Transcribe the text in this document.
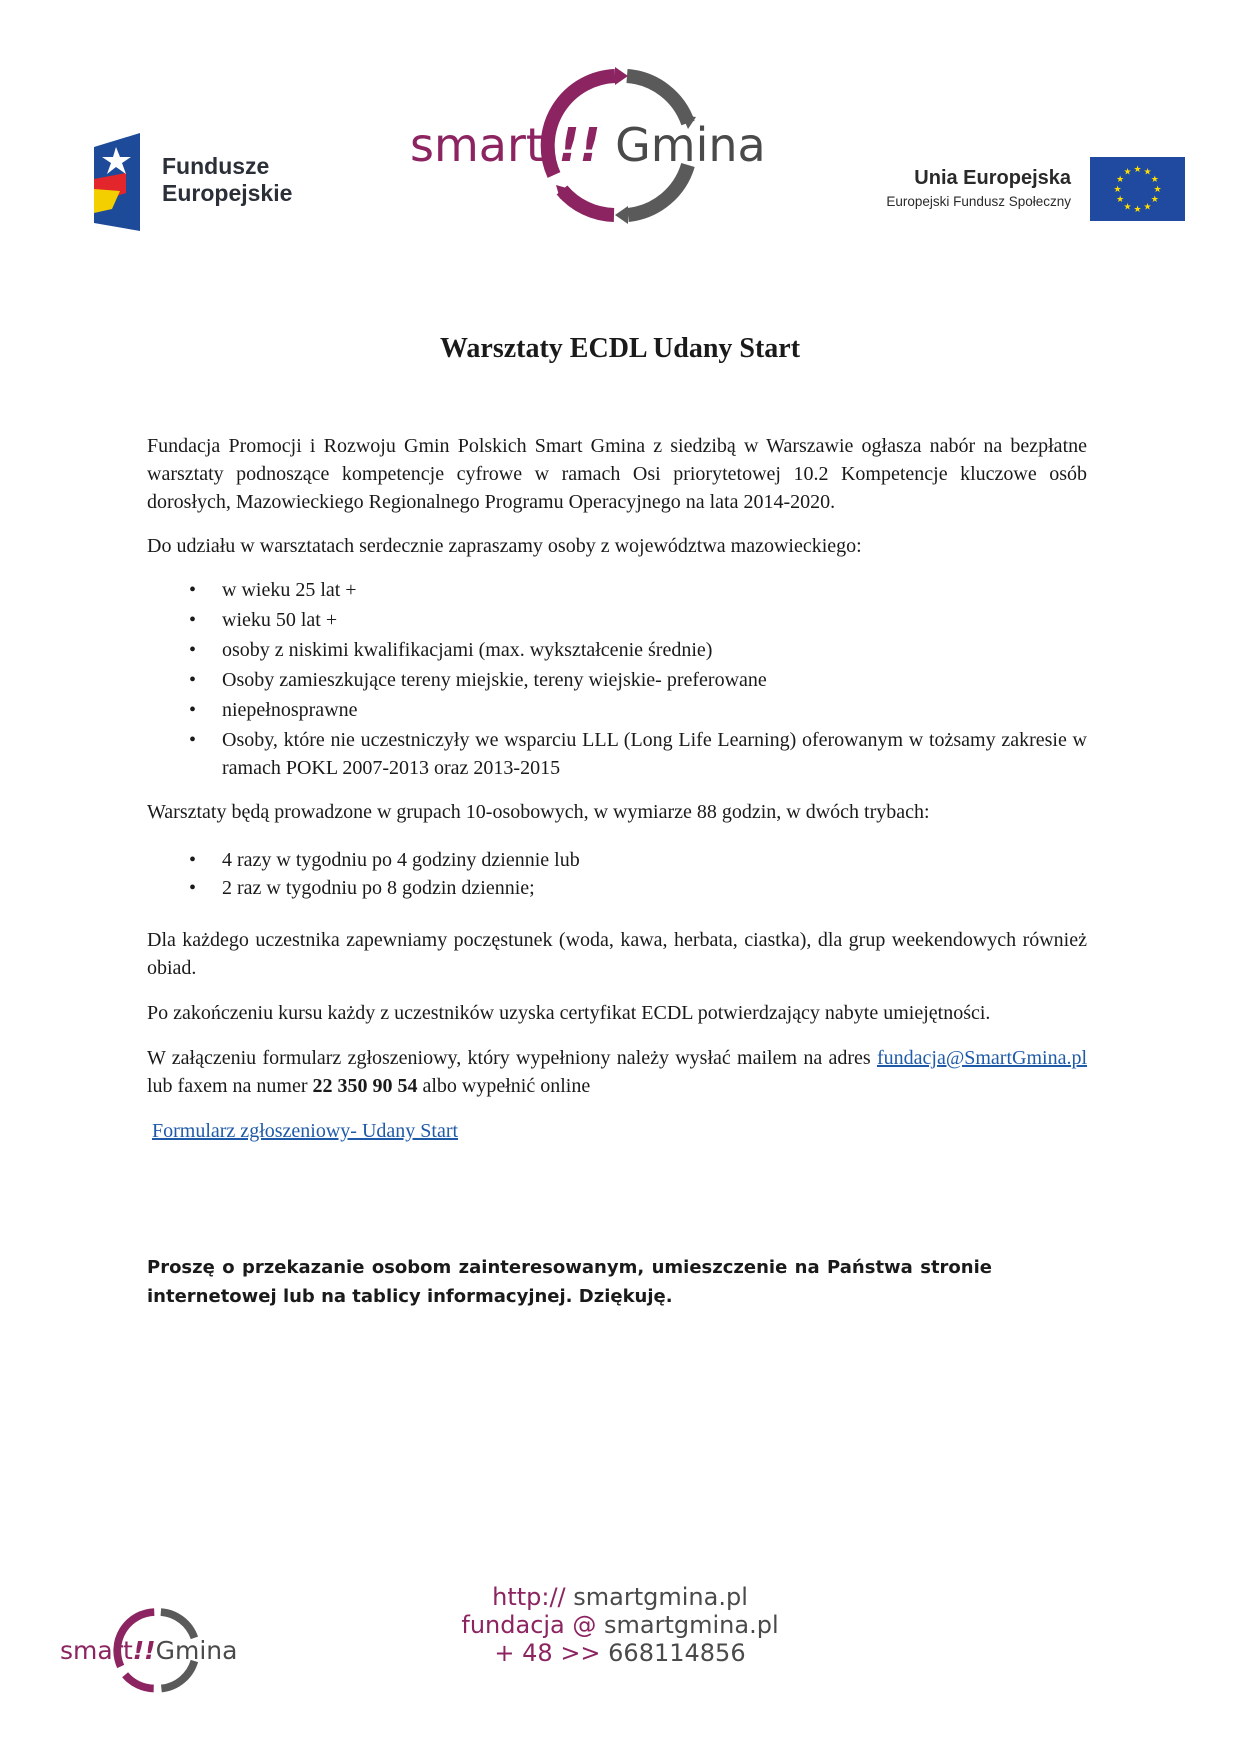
Fundusze
Europejskie
smart !! Gmina
Unia Europejska
Europejski Fundusz Społeczny
★
★
★
★
★
★
★
★
★ ★ ★
★
Warsztaty ECDL Udany Start

Fundacja Promocji i Rozwoju Gmin Polskich Smart Gmina z siedzibą w Warszawie ogłasza nabór na bezpłatne warsztaty podnoszące kompetencje cyfrowe w ramach Osi priorytetowej 10.2 Kompetencje kluczowe osób dorosłych, Mazowieckiego Regionalnego Programu Operacyjnego na lata 2014-2020.

Do udziału w warsztatach serdecznie zapraszamy osoby z województwa mazowieckiego:

• w wieku 25 lat +
• wieku 50 lat +
• osoby z niskimi kwalifikacjami (max. wykształcenie średnie)
• Osoby zamieszkujące tereny miejskie, tereny wiejskie- preferowane
• niepełnosprawne
• Osoby, które nie uczestniczyły we wsparciu LLL (Long Life Learning) oferowanym w tożsamy zakresie w ramach POKL 2007-2013 oraz 2013-2015

Warsztaty będą prowadzone w grupach 10-osobowych, w wymiarze 88 godzin, w dwóch trybach:

• 4 razy w tygodniu po 4 godziny dziennie lub
• 2 raz w tygodniu po 8 godzin dziennie;

Dla każdego uczestnika zapewniamy poczęstunek (woda, kawa, herbata, ciastka), dla grup weekendowych również obiad.

Po zakończeniu kursu każdy z uczestników uzyska certyfikat ECDL potwierdzający nabyte umiejętności.

W załączeniu formularz zgłoszeniowy, który wypełniony należy wysłać mailem na adres fundacja@SmartGmina.pl lub faxem na numer 22 350 90 54 albo wypełnić online

Formularz zgłoszeniowy- Udany Start

Proszę o przekazanie osobom zainteresowanym, umieszczenie na Państwa stronie
internetowej lub na tablicy informacyjnej. Dziękuję.
smart!!Gmina
http:// smartgmina.pl
fundacja @ smartgmina.pl
+ 48 >> 668114856
